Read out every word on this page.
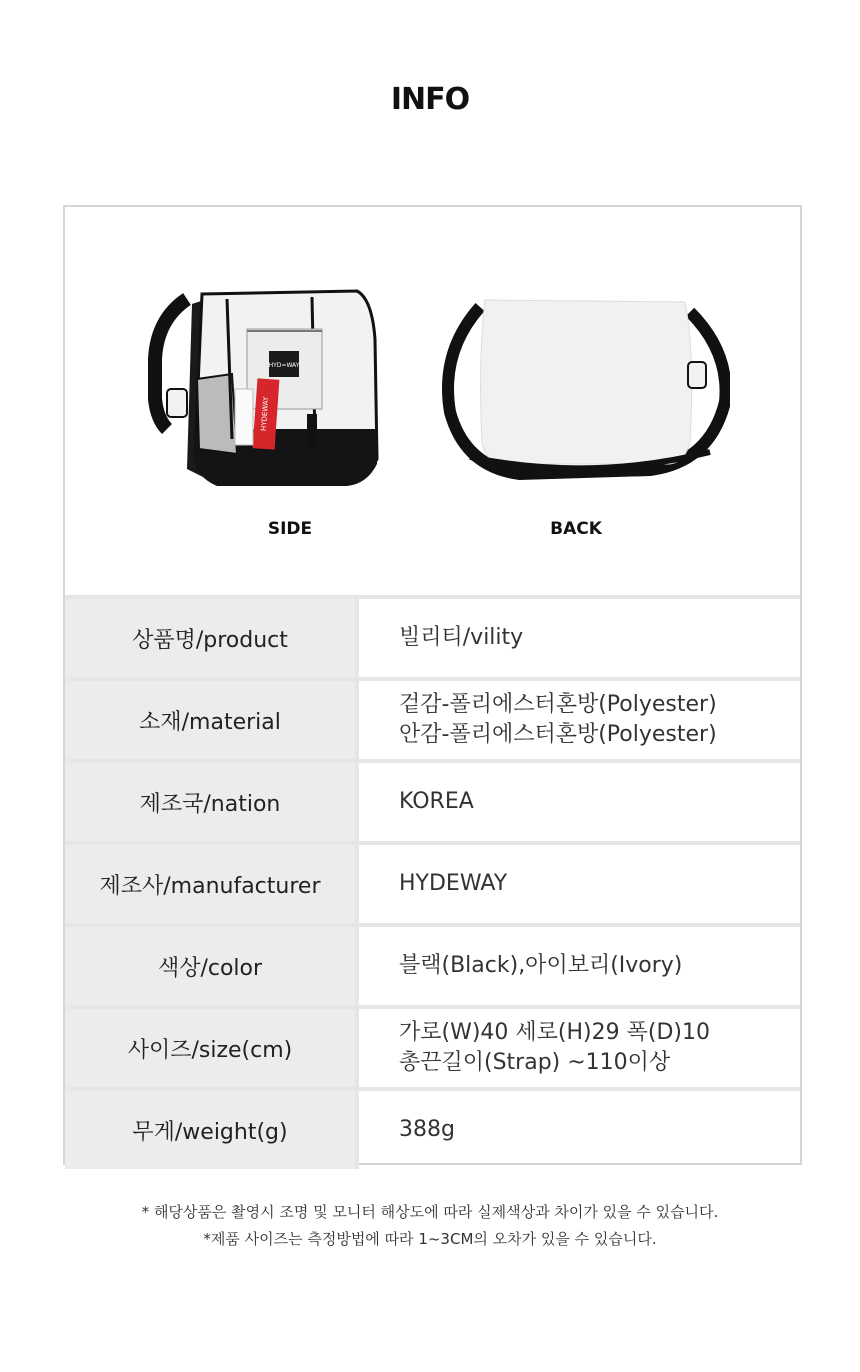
INFO
HYD=WAY
HYDEWAY
SIDE	BACK
상품명/product	빌리티/vility

소재/material	겉감-폴리에스터혼방(Polyester)
안감-폴리에스터혼방(Polyester)

제조국/nation	KOREA

제조사/manufacturer	HYDEWAY

색상/color	블랙(Black),아이보리(Ivory)

사이즈/size(cm)	가로(W)40 세로(H)29 폭(D)10
총끈길이(Strap) ~110이상

무게/weight(g)	388g
* 해당상품은 촬영시 조명 및 모니터 해상도에 따라 실제색상과 차이가 있을 수 있습니다.
*제품 사이즈는 측정방법에 따라 1~3CM의 오차가 있을 수 있습니다.
